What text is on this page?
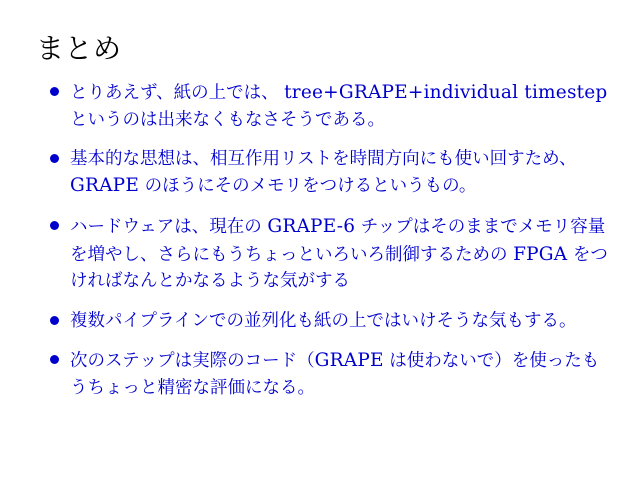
まとめ
とりあえず、紙の上では、 tree+GRAPE+individual timestep というのは出来なくもなさそうである。
基本的な思想は、相互作用リストを時間方向にも使い回すため、 GRAPE のほうにそのメモリをつけるというもの。
ハードウェアは、現在の GRAPE-6 チップはそのままでメモリ容量を増やし、さらにもうちょっといろいろ制御するための FPGA をつければなんとかなるような気がする
複数パイプラインでの並列化も紙の上ではいけそうな気もする。
次のステップは実際のコード（GRAPE は使わないで）を使ったもうちょっと精密な評価になる。
